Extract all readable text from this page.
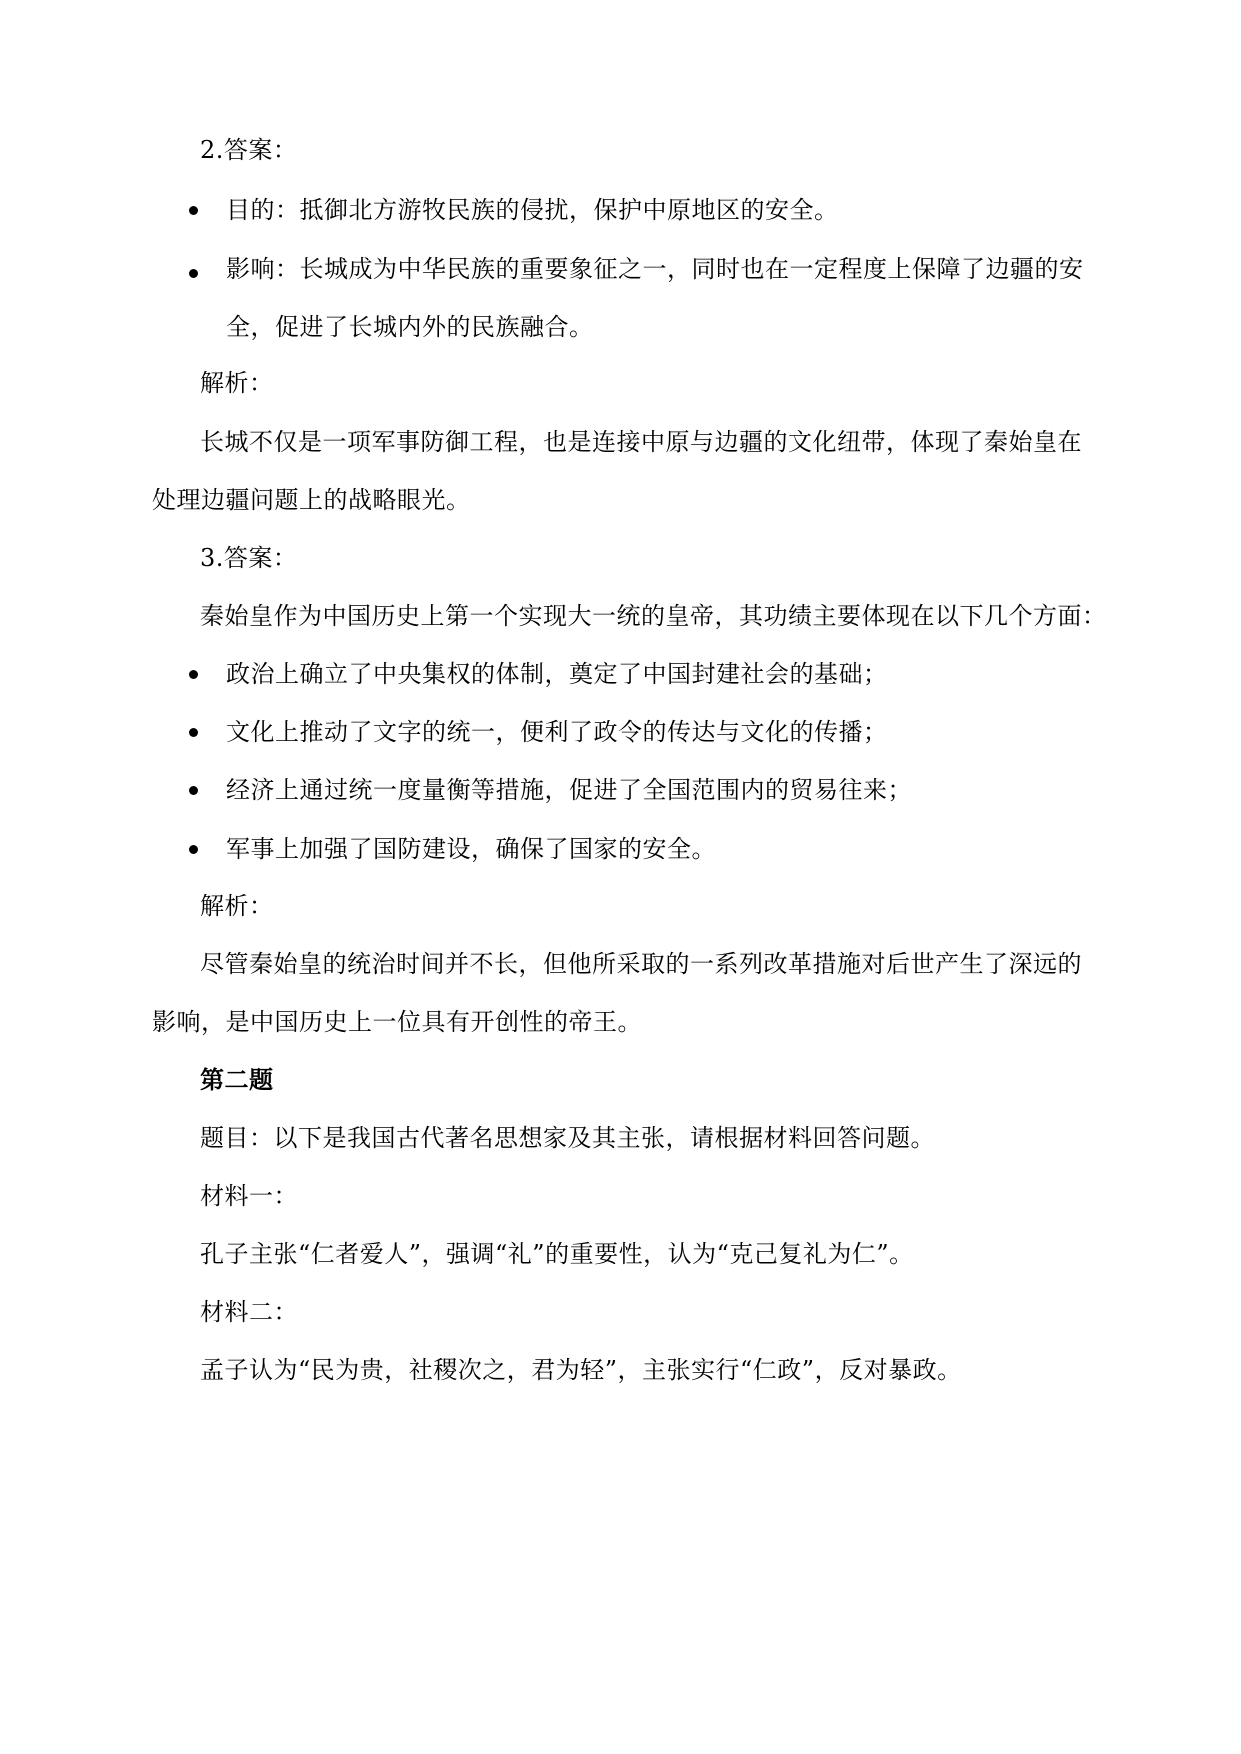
2.答案：
目的：抵御北方游牧民族的侵扰，保护中原地区的安全。
影响：长城成为中华民族的重要象征之一，同时也在一定程度上保障了边疆的安
全，促进了长城内外的民族融合。
解析：
长城不仅是一项军事防御工程，也是连接中原与边疆的文化纽带，体现了秦始皇在
处理边疆问题上的战略眼光。
3.答案：
秦始皇作为中国历史上第一个实现大一统的皇帝，其功绩主要体现在以下几个方面：
政治上确立了中央集权的体制，奠定了中国封建社会的基础；
文化上推动了文字的统一，便利了政令的传达与文化的传播；
经济上通过统一度量衡等措施，促进了全国范围内的贸易往来；
军事上加强了国防建设，确保了国家的安全。
解析：
尽管秦始皇的统治时间并不长，但他所采取的一系列改革措施对后世产生了深远的
影响，是中国历史上一位具有开创性的帝王。
第二题
题目：以下是我国古代著名思想家及其主张，请根据材料回答问题。
材料一：
孔子主张“仁者爱人”，强调“礼”的重要性，认为“克己复礼为仁”。
材料二：
孟子认为“民为贵，社稷次之，君为轻”，主张实行“仁政”，反对暴政。
